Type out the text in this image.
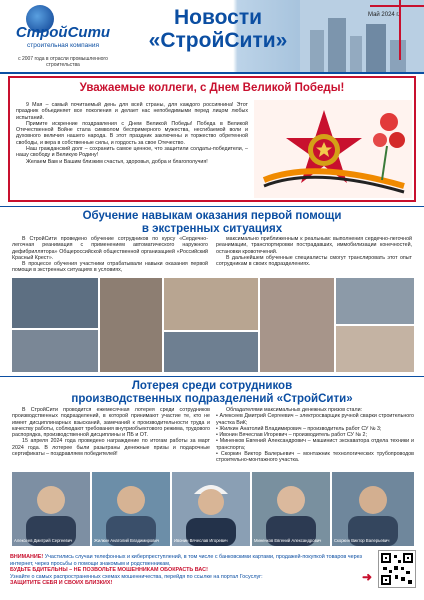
СтройСити
строительная компания
с 2007 года в отрасли промышленного строительства
Новости
«СтройСити»
Май 2024 г.
Уважаемые коллеги, с Днем Великой Победы!

9 Мая – самый почитаемый день для всей страны, для каждого россиянина! Этот праздник объединяет все поколения и делает нас непобедимыми перед лицом любых испытаний.

Примите искренние поздравления с Днем Великой Победы! Победа в Великой Отечественной Войне стала символом беспримерного мужества, несгибаемой воли и духовного величия нашего народа. В этот праздник заключены и торжество обретенной свободы, и вера в собственные силы, и гордость за свое Отечество.

Наш гражданский долг – сохранить самое ценное, что защитили солдаты-победители, – нашу свободу и Великую Родину!

Желаем Вам и Вашим близким счастья, здоровья, добра и благополучия!

Обучение навыкам оказания первой помощи
в экстренных ситуациях

В СтройСити проведено обучение сотрудников по курсу «Сердечно-легочная реанимация с применением автоматического наружного дефибриллятора» Общероссийской общественной организацией «Российский Красный Крест».

В процессе обучения участники отрабатывали навыки оказания первой помощи в экстренных ситуациях в условиях,

максимально приближенным к реальным: выполнения сердечно-легочной реанимации, транспортировки пострадавших, иммобилизации конечностей, остановки кровотечений.

В дальнейшем обученные специалисты смогут транслировать этот опыт сотрудникам в своих подразделениях.

Лотерея среди сотрудников
производственных подразделений «СтройСити»

В СтройСити проводится ежемесячная лотерея среди сотрудников производственных подразделений, в которой принимают участие те, кто не имеет дисциплинарных взысканий, замечаний к производительности труда и качеству работы, соблюдают требования внутриобъектового режима, трудового распорядка, производственной дисциплины и ПБ и ОТ.

15 апреля 2024 года проведено награждение по итогам работы за март 2024 года. В лотерее были разыграны денежные призы и подарочные сертификаты – поздравляем победителей!

Обладателями максимальных денежных призов стали:

• Алексеев Дмитрий Сергеевич – электросварщик ручной сварки строительного участка ВиК;
• Жилкин Анатолий Владимирович – производитель работ СУ № 3;
• Ивонин Вячеслав Игоревич – производитель работ СУ № 2;
• Миненков Евгений Александрович – машинист экскаватора отдела техники и транспорта;
• Скоркин Виктор Валерьевич – монтажник технологических трубопроводов строительно-монтажного участка.
Алексеев Дмитрий Сергеевич	Жилкин Анатолий Владимирович	Ивонин Вячеслав Игоревич	Миненков Евгений Александрович	Скоркин Виктор Валерьевич
ВНИМАНИЕ! Участились случаи телефонных и киберпреступлений, в том числе с банковскими картами, продажей-покупкой товаров через интернет, через просьбы о помощи знакомым и родственникам,
БУДЬТЕ БДИТЕЛЬНЫ – НЕ ПОЗВОЛЬТЕ МОШЕННИКАМ ОБОКРАСТЬ ВАС!
Узнайте о самых распространенных схемах мошенничества, перейдя по ссылке на портал Госуслуг:
ЗАЩИТИТЕ СЕБЯ И СВОИХ БЛИЗКИХ!	➜
